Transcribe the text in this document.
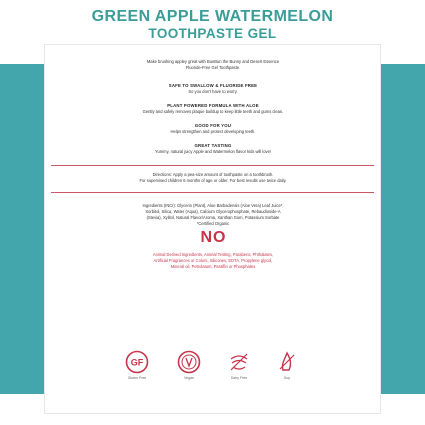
GREEN APPLE WATERMELON
TOOTHPASTE GEL
Make brushing appley great with BunBun the Bunny and Desert Essence
Fluoride-Free Gel Toothpaste.
SAFE TO SWALLOW & FLUORIDE FREE
So you don't have to worry.
PLANT POWERED FORMULA WITH ALOE
Gently and safely removes plaque buildup to keep little teeth and gums clean.
GOOD FOR YOU
Helps strengthen and protect developing teeth.
GREAT TASTING
Yummy, natural juicy Apple and Watermelon flavor kids will love!
Directions: Apply a pea-size amount of toothpaste on a toothbrush.
For supervised children 6 months of age or older. For best results use twice daily.
Ingredients (INCI): Glycerin (Plant), Aloe Barbadensis (Aloe Vera) Leaf Juice*,
Sorbitol, Silica, Water (Aqua), Calcium Glycerophosphate, Rebaudioside-A
(Stevia), Xylitol, Natural Flavor/Aroma, Xanthan Gum, Potassium Sorbate
*Certified Organic
NO
Animal Derived Ingredients, Animal Testing, Parabens, Phthalates,
Artificial Fragrances or Colors, Silicones, EDTA, Propylene glycol,
Mineral oil, Petrolatum, Paraffin or Phosphates
GF
Gluten Free	Vegan	Dairy Free	Soy
